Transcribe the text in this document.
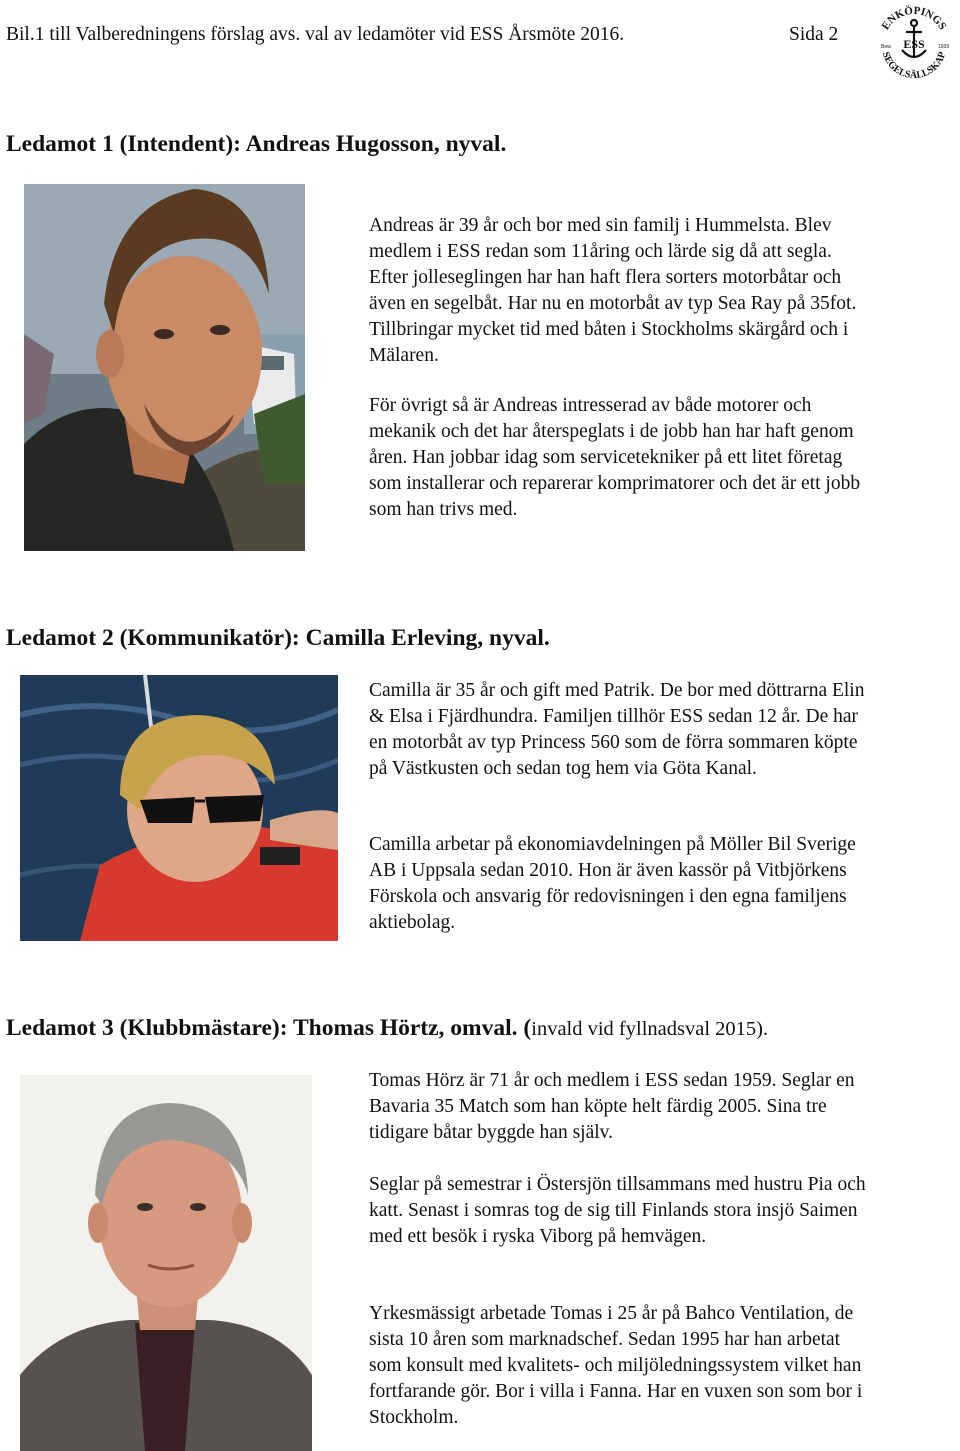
Bil.1 till Valberedningens förslag avs. val av ledamöter vid ESS Årsmöte 2016.	Sida 2	ENKÖPINGS
SEGELSÄLLSKAP
ESS
Bew.	1939
Ledamot 1 (Intendent): Andreas Hugosson, nyval.

Andreas är 39 år och bor med sin familj i Hummelsta. Blev medlem i ESS redan som 11åring och lärde sig då att segla. Efter jolleseglingen har han haft flera sorters motorbåtar och även en segelbåt. Har nu en motorbåt av typ Sea Ray på 35fot. Tillbringar mycket tid med båten i Stockholms skärgård och i Mälaren.

För övrigt så är Andreas intresserad av både motorer och mekanik och det har återspeglats i de jobb han har haft genom åren. Han jobbar idag som servicetekniker på ett litet företag som installerar och reparerar komprimatorer och det är ett jobb som han trivs med.

Ledamot 2 (Kommunikatör): Camilla Erleving, nyval.

Camilla är 35 år och gift med Patrik. De bor med döttrarna Elin & Elsa i Fjärdhundra. Familjen tillhör ESS sedan 12 år. De har en motorbåt av typ Princess 560 som de förra sommaren köpte på Västkusten och sedan tog hem via Göta Kanal.

Camilla arbetar på ekonomiavdelningen på Möller Bil Sverige AB i Uppsala sedan 2010. Hon är även kassör på Vitbjörkens Förskola och ansvarig för redovisningen i den egna familjens aktiebolag.

Ledamot 3 (Klubbmästare): Thomas Hörtz, omval. (invald vid fyllnadsval 2015).

Tomas Hörz är 71 år och medlem i ESS sedan 1959. Seglar en Bavaria 35 Match som han köpte helt färdig 2005. Sina tre tidigare båtar byggde han själv.

Seglar på semestrar i Östersjön tillsammans med hustru Pia och katt. Senast i somras tog de sig till Finlands stora insjö Saimen med ett besök i ryska Viborg på hemvägen.

Yrkesmässigt arbetade Tomas i 25 år på Bahco Ventilation, de sista 10 åren som marknadschef. Sedan 1995 har han arbetat som konsult med kvalitets- och miljöledningssystem vilket han fortfarande gör. Bor i villa i Fanna. Har en vuxen son som bor i Stockholm.
